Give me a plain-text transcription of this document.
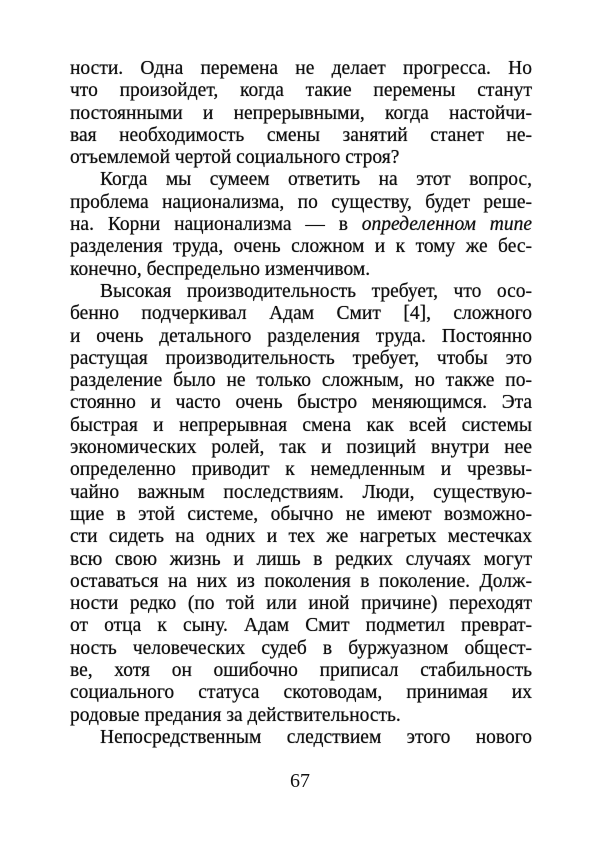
ности. Одна перемена не делает прогресса. Но
что произойдет, когда такие перемены станут
постоянными и непрерывными, когда настойчи-
вая необходимость смены занятий станет не-
отъемлемой чертой социального строя?
Когда мы сумеем ответить на этот вопрос,
проблема национализма, по существу, будет реше-
на. Корни национализма — в определенном типе
разделения труда, очень сложном и к тому же бес-
конечно, беспредельно изменчивом.
Высокая производительность требует, что осо-
бенно подчеркивал Адам Смит [4], сложного
и очень детального разделения труда. Постоянно
растущая производительность требует, чтобы это
разделение было не только сложным, но также по-
стоянно и часто очень быстро меняющимся. Эта
быстрая и непрерывная смена как всей системы
экономических ролей, так и позиций внутри нее
определенно приводит к немедленным и чрезвы-
чайно важным последствиям. Люди, существую-
щие в этой системе, обычно не имеют возможно-
сти сидеть на одних и тех же нагретых местечках
всю свою жизнь и лишь в редких случаях могут
оставаться на них из поколения в поколение. Долж-
ности редко (по той или иной причине) переходят
от отца к сыну. Адам Смит подметил преврат-
ность человеческих судеб в буржуазном общест-
ве, хотя он ошибочно приписал стабильность
социального статуса скотоводам, принимая их
родовые предания за действительность.
Непосредственным следствием этого нового
67
